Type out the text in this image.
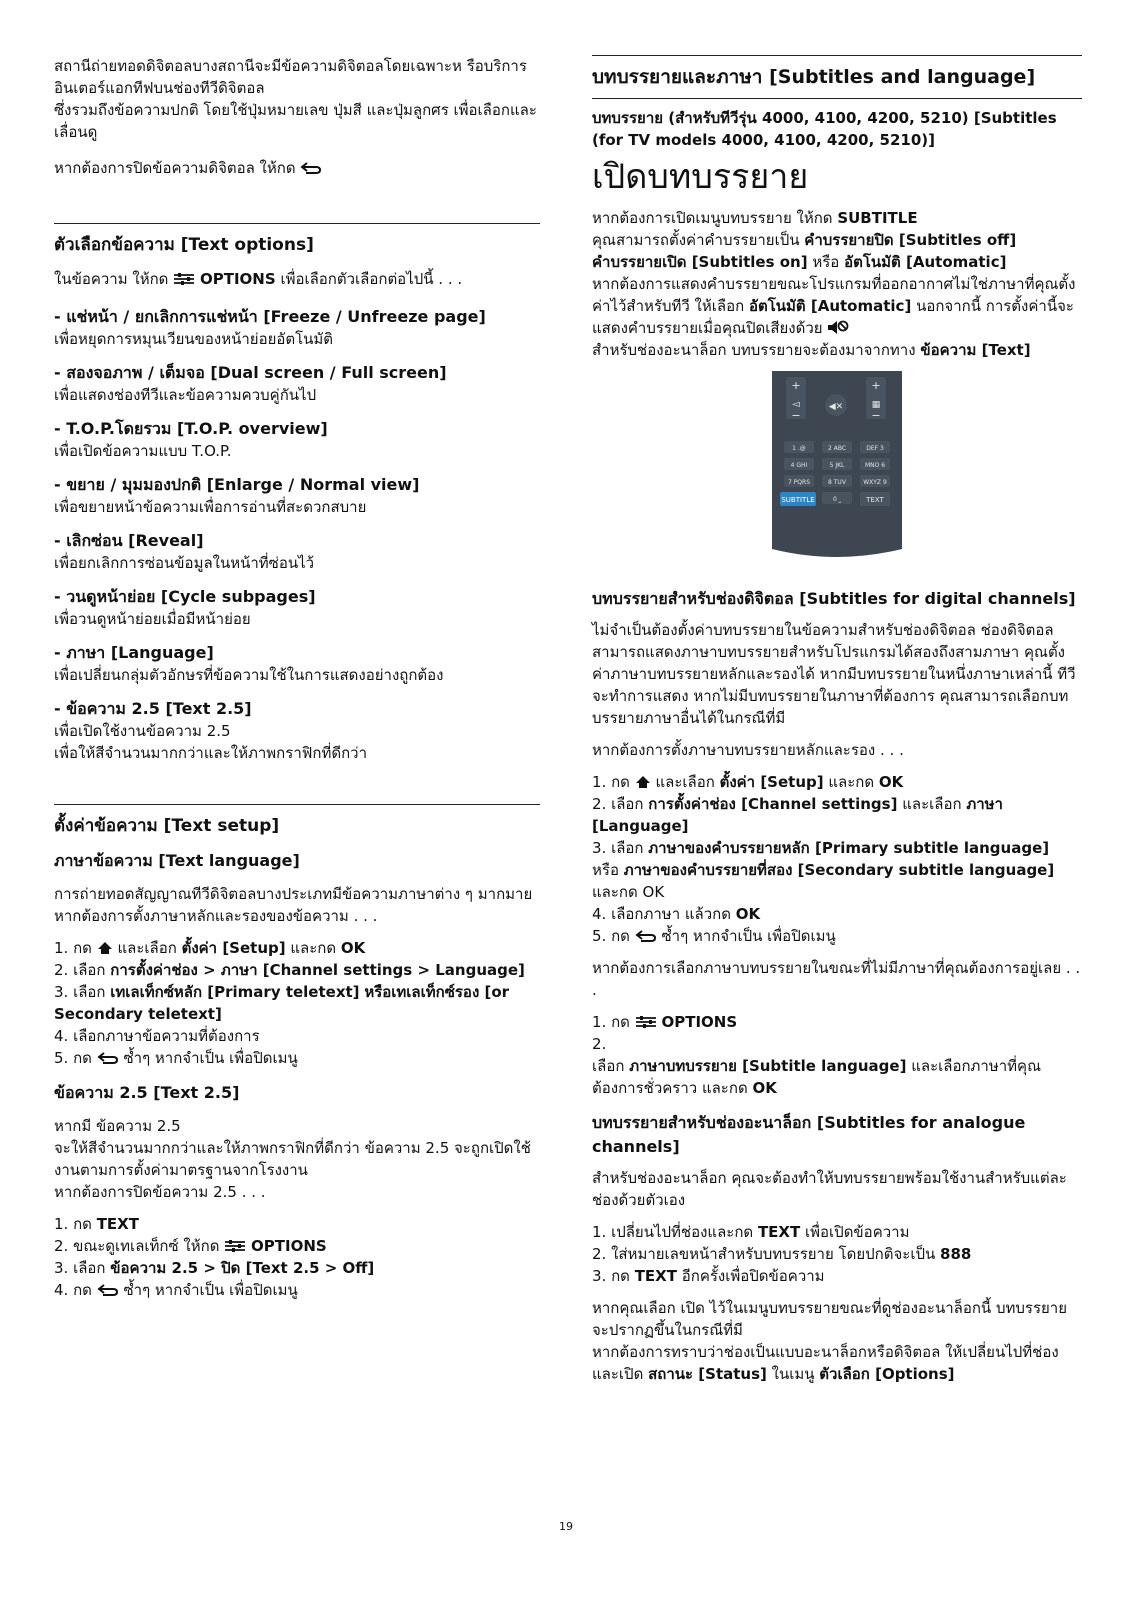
สถานีถ่ายทอดดิจิตอลบางสถานีจะมีข้อความดิจิตอลโดยเฉพาะห รือบริการอินเตอร์แอกทีฟบนช่องทีวีดิจิตอล

ซึ่งรวมถึงข้อความปกติ โดยใช้ปุ่มหมายเลข ปุ่มสี และปุ่มลูกศร เพื่อเลือกและเลื่อนดู

หากต้องการปิดข้อความดิจิตอล ให้กด

ตัวเลือกข้อความ [Text options]

ในข้อความ ให้กด OPTIONS เพื่อเลือกตัวเลือกต่อไปนี้ . . .

- แช่หน้า / ยกเลิกการแช่หน้า [Freeze / Unfreeze page]

เพื่อหยุดการหมุนเวียนของหน้าย่อยอัตโนมัติ

- สองจอภาพ / เต็มจอ [Dual screen / Full screen]

เพื่อแสดงช่องทีวีและข้อความควบคู่กันไป

- T.O.P.โดยรวม [T.O.P. overview]

เพื่อเปิดข้อความแบบ T.O.P.

- ขยาย / มุมมองปกติ [Enlarge / Normal view]

เพื่อขยายหน้าข้อความเพื่อการอ่านที่สะดวกสบาย

- เลิกซ่อน [Reveal]

เพื่อยกเลิกการซ่อนข้อมูลในหน้าที่ซ่อนไว้

- วนดูหน้าย่อย [Cycle subpages]

เพื่อวนดูหน้าย่อยเมื่อมีหน้าย่อย

- ภาษา [Language]

เพื่อเปลี่ยนกลุ่มตัวอักษรที่ข้อความใช้ในการแสดงอย่างถูกต้อง

- ข้อความ 2.5 [Text 2.5]

เพื่อเปิดใช้งานข้อความ 2.5
เพื่อให้สีจำนวนมากกว่าและให้ภาพกราฟิกที่ดีกว่า

ตั้งค่าข้อความ [Text setup]

ภาษาข้อความ [Text language]

การถ่ายทอดสัญญาณทีวีดิจิตอลบางประเภทมีข้อความภาษาต่าง ๆ มากมาย

หากต้องการตั้งภาษาหลักและรองของข้อความ . . .

1. กด และเลือก ตั้งค่า [Setup] และกด OK

2. เลือก การตั้งค่าช่อง > ภาษา [Channel settings > Language]

3. เลือก เทเลเท็กซ์หลัก [Primary teletext] หรือเทเลเท็กซ์รอง [or Secondary teletext]

4. เลือกภาษาข้อความที่ต้องการ

5. กด ซ้ำๆ หากจำเป็น เพื่อปิดเมนู

ข้อความ 2.5 [Text 2.5]

หากมี ข้อความ 2.5

จะให้สีจำนวนมากกว่าและให้ภาพกราฟิกที่ดีกว่า ข้อความ 2.5 จะถูกเปิดใช้งานตามการตั้งค่ามาตรฐานจากโรงงาน

หากต้องการปิดข้อความ 2.5 . . .

1. กด TEXT

2. ขณะดูเทเลเท็กซ์ ให้กด OPTIONS

3. เลือก ข้อความ 2.5 > ปิด [Text 2.5 > Off]

4. กด ซ้ำๆ หากจำเป็น เพื่อปิดเมนู

บทบรรยายและภาษา [Subtitles and language]

บทบรรยาย (สำหรับทีวีรุ่น 4000, 4100, 4200, 5210) [Subtitles (for TV models 4000, 4100, 4200, 5210)]

เปิดบทบรรยาย

หากต้องการเปิดเมนูบทบรรยาย ให้กด SUBTITLE

คุณสามารถตั้งค่าคำบรรยายเป็น คำบรรยายปิด [Subtitles off]

คำบรรยายเปิด [Subtitles on] หรือ อัตโนมัติ [Automatic]

หากต้องการแสดงคำบรรยายขณะโปรแกรมที่ออกอากาศไม่ใช่ภาษาที่คุณตั้งค่าไว้สำหรับทีวี ให้เลือก อัตโนมัติ [Automatic] นอกจากนี้ การตั้งค่านี้จะแสดงคำบรรยายเมื่อคุณปิดเสียงด้วย

สำหรับช่องอะนาล็อก บทบรรยายจะต้องมาจากทาง ข้อความ [Text]

+
◅
−
+
▦
−
◀✕
1 .@	2 ABC	DEF 3
4 GHI	5 JKL	MNO 6
7 PQRS	8 TUV	WXYZ 9
0 ⎵
SUBTITLE	TEXT

บทบรรยายสำหรับช่องดิจิตอล [Subtitles for digital channels]

ไม่จำเป็นต้องตั้งค่าบทบรรยายในข้อความสำหรับช่องดิจิตอล ช่องดิจิตอลสามารถแสดงภาษาบทบรรยายสำหรับโปรแกรมได้สองถึงสามภาษา คุณตั้งค่าภาษาบทบรรยายหลักและรองได้ หากมีบทบรรยายในหนึ่งภาษาเหล่านี้ ทีวีจะทำการแสดง หากไม่มีบทบรรยายในภาษาที่ต้องการ คุณสามารถเลือกบทบรรยายภาษาอื่นได้ในกรณีที่มี

หากต้องการตั้งภาษาบทบรรยายหลักและรอง . . .

1. กด และเลือก ตั้งค่า [Setup] และกด OK

2. เลือก การตั้งค่าช่อง [Channel settings] และเลือก ภาษา [Language]

3. เลือก ภาษาของคำบรรยายหลัก [Primary subtitle language]

หรือ ภาษาของคำบรรยายที่สอง [Secondary subtitle language] และกด OK

4. เลือกภาษา แล้วกด OK

5. กด ซ้ำๆ หากจำเป็น เพื่อปิดเมนู

หากต้องการเลือกภาษาบทบรรยายในขณะที่ไม่มีภาษาที่คุณต้องการอยู่เลย . . .

1. กด OPTIONS

2.

เลือก ภาษาบทบรรยาย [Subtitle language] และเลือกภาษาที่คุณต้องการชั่วคราว และกด OK

บทบรรยายสำหรับช่องอะนาล็อก [Subtitles for analogue channels]

สำหรับช่องอะนาล็อก คุณจะต้องทำให้บทบรรยายพร้อมใช้งานสำหรับแต่ละช่องด้วยตัวเอง

1. เปลี่ยนไปที่ช่องและกด TEXT เพื่อเปิดข้อความ

2. ใส่หมายเลขหน้าสำหรับบทบรรยาย โดยปกติจะเป็น 888

3. กด TEXT อีกครั้งเพื่อปิดข้อความ

หากคุณเลือก เปิด ไว้ในเมนูบทบรรยายขณะที่ดูช่องอะนาล็อกนี้ บทบรรยายจะปรากฏขึ้นในกรณีที่มี

หากต้องการทราบว่าช่องเป็นแบบอะนาล็อกหรือดิจิตอล ให้เปลี่ยนไปที่ช่องและเปิด สถานะ [Status] ในเมนู ตัวเลือก [Options]

19
